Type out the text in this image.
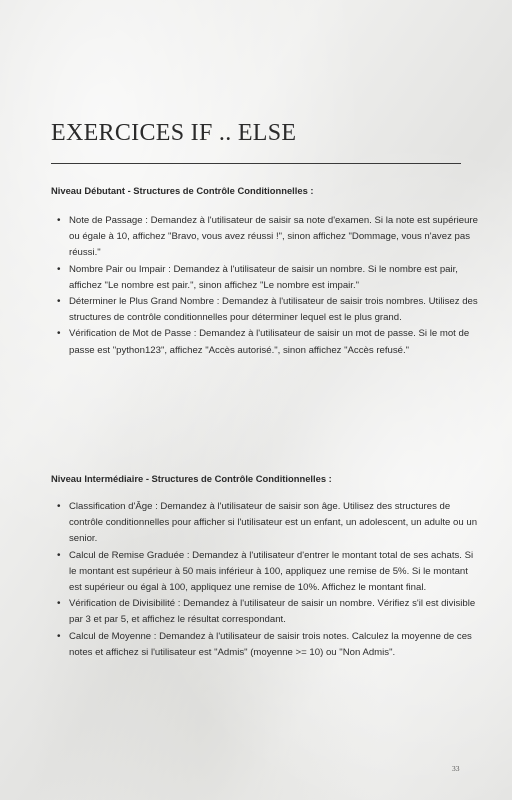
EXERCICES IF .. ELSE
Niveau Débutant - Structures de Contrôle Conditionnelles :
• Note de Passage : Demandez à l'utilisateur de saisir sa note d'examen. Si la note est supérieure ou égale à 10, affichez "Bravo, vous avez réussi !", sinon affichez "Dommage, vous n'avez pas réussi."
• Nombre Pair ou Impair : Demandez à l'utilisateur de saisir un nombre. Si le nombre est pair, affichez "Le nombre est pair.", sinon affichez "Le nombre est impair."
• Déterminer le Plus Grand Nombre : Demandez à l'utilisateur de saisir trois nombres. Utilisez des structures de contrôle conditionnelles pour déterminer lequel est le plus grand.
• Vérification de Mot de Passe : Demandez à l'utilisateur de saisir un mot de passe. Si le mot de passe est "python123", affichez "Accès autorisé.", sinon affichez "Accès refusé."
Niveau Intermédiaire - Structures de Contrôle Conditionnelles :
• Classification d'Âge : Demandez à l'utilisateur de saisir son âge. Utilisez des structures de contrôle conditionnelles pour afficher si l'utilisateur est un enfant, un adolescent, un adulte ou un senior.
• Calcul de Remise Graduée : Demandez à l'utilisateur d'entrer le montant total de ses achats. Si le montant est supérieur à 50 mais inférieur à 100, appliquez une remise de 5%. Si le montant est supérieur ou égal à 100, appliquez une remise de 10%. Affichez le montant final.
• Vérification de Divisibilité : Demandez à l'utilisateur de saisir un nombre. Vérifiez s'il est divisible par 3 et par 5, et affichez le résultat correspondant.
• Calcul de Moyenne : Demandez à l'utilisateur de saisir trois notes. Calculez la moyenne de ces notes et affichez si l'utilisateur est "Admis" (moyenne >= 10) ou "Non Admis".
33
